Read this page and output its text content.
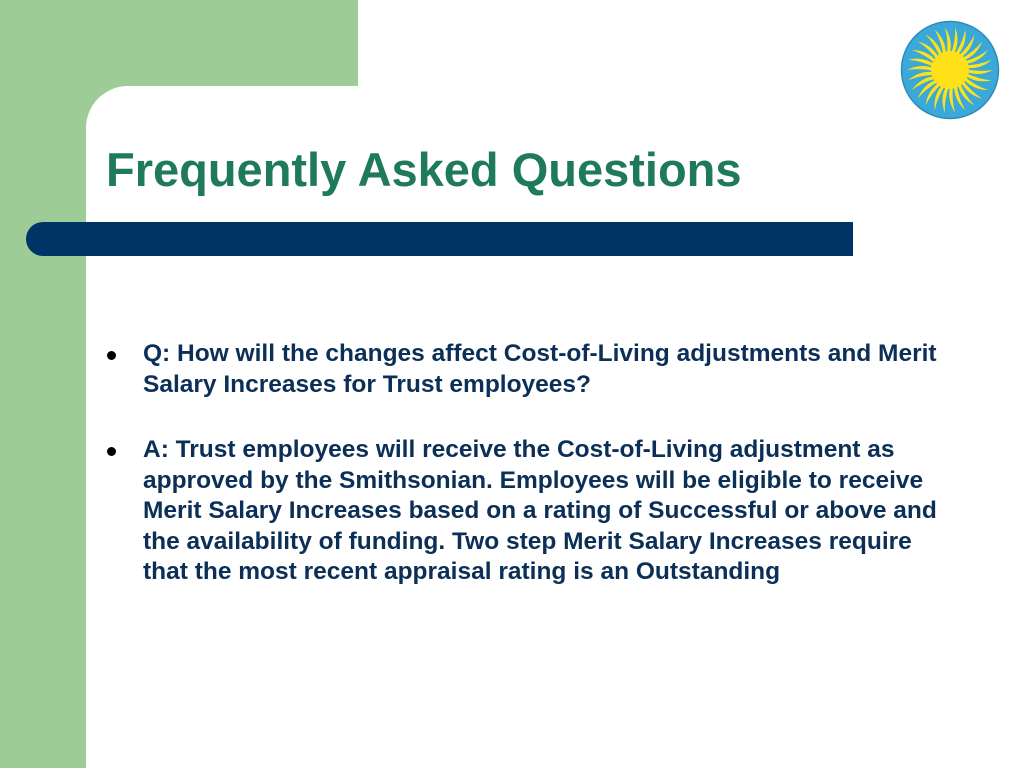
Frequently Asked Questions
Q: How will the changes affect Cost-of-Living adjustments and Merit Salary Increases for Trust employees?
A: Trust employees will receive the Cost-of-Living adjustment as approved by the Smithsonian. Employees will be eligible to receive Merit Salary Increases based on a rating of Successful or above and the availability of funding. Two step Merit Salary Increases require that the most recent appraisal rating is an Outstanding
